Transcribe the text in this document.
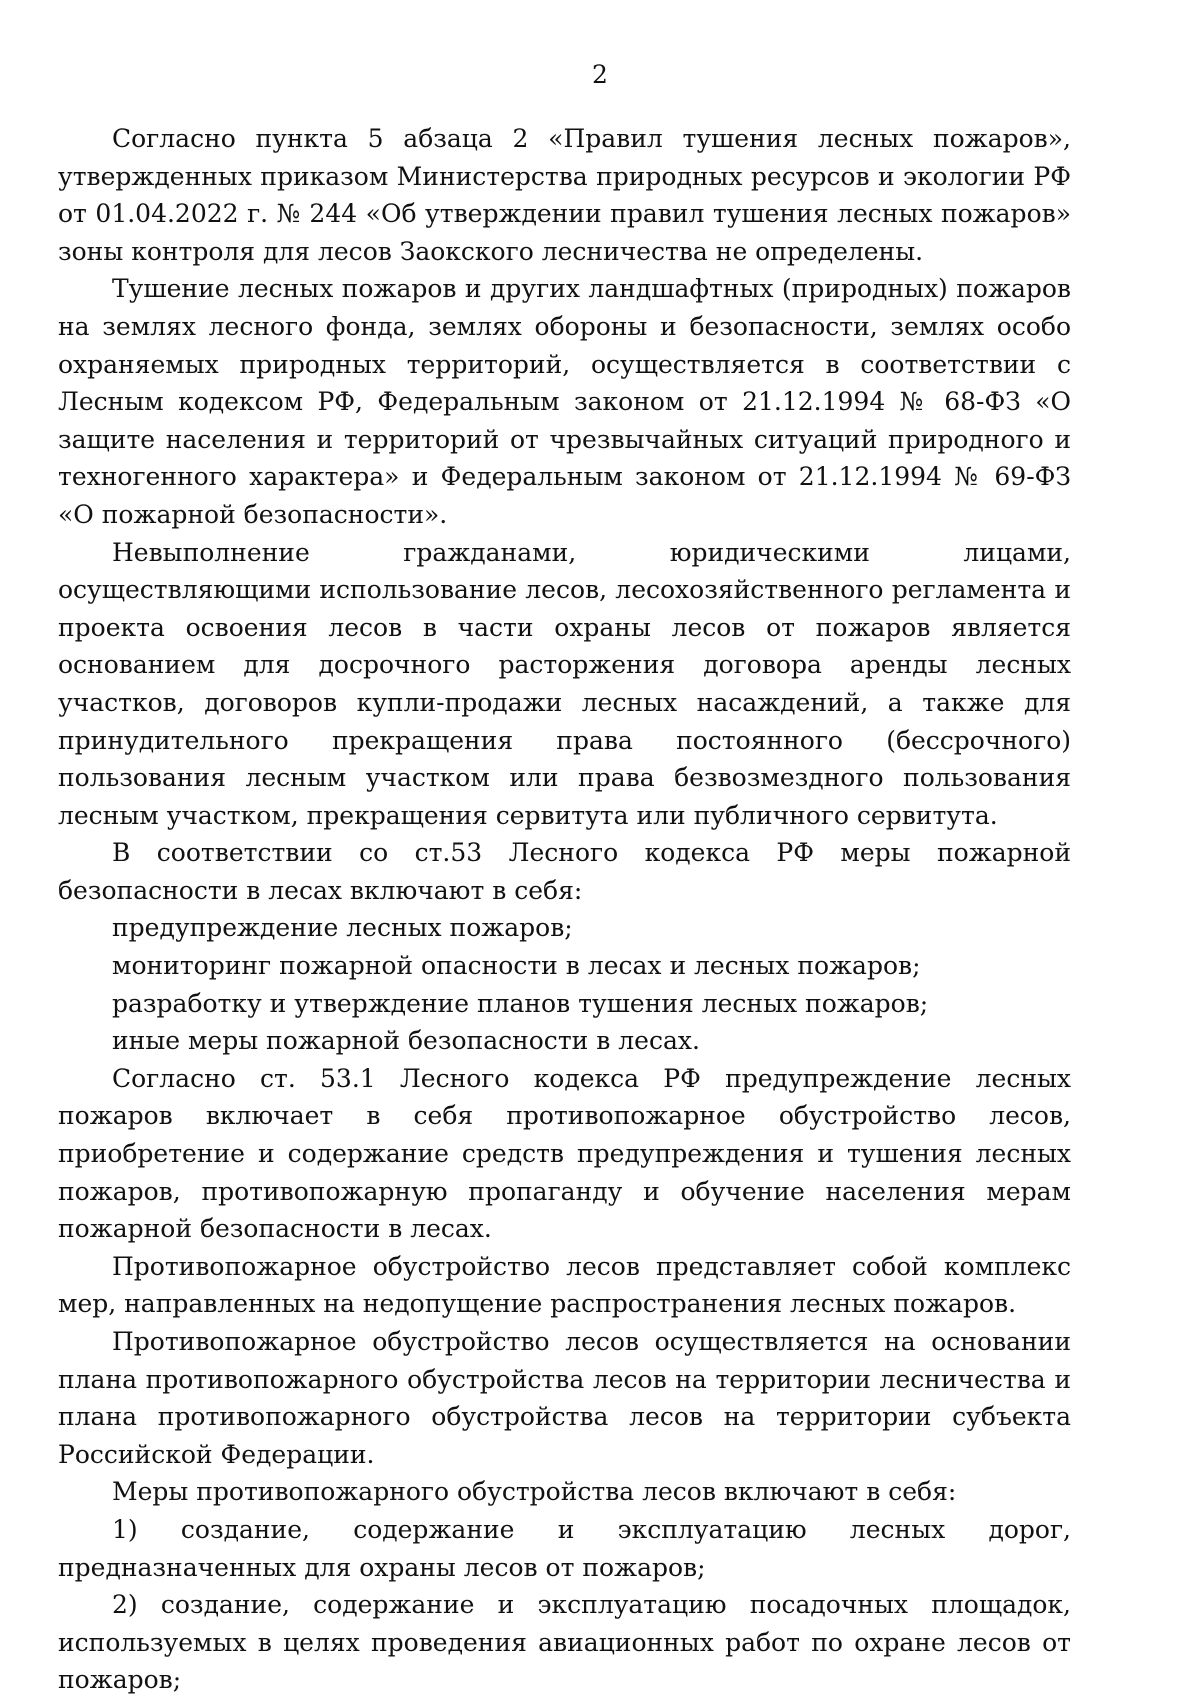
2

Согласно пункта 5 абзаца 2 «Правил тушения лесных пожаров», утвержденных приказом Министерства природных ресурсов и экологии РФ от 01.04.2022 г. № 244 «Об утверждении правил тушения лесных пожаров» зоны контроля для лесов Заокского лесничества не определены.

Тушение лесных пожаров и других ландшафтных (природных) пожаров на землях лесного фонда, землях обороны и безопасности, землях особо охраняемых природных территорий, осуществляется в соответствии с Лесным кодексом РФ, Федеральным законом от 21.12.1994 № 68-ФЗ «О защите населения и территорий от чрезвычайных ситуаций природного и техногенного характера» и Федеральным законом от 21.12.1994 № 69-ФЗ «О пожарной безопасности».

Невыполнение гражданами, юридическими лицами, осуществляющими использование лесов, лесохозяйственного регламента и проекта освоения лесов в части охраны лесов от пожаров является основанием для досрочного расторжения договора аренды лесных участков, договоров купли-продажи лесных насаждений, а также для принудительного прекращения права постоянного (бессрочного) пользования лесным участком или права безвозмездного пользования лесным участком, прекращения сервитута или публичного сервитута.

В соответствии со ст.53 Лесного кодекса РФ меры пожарной безопасности в лесах включают в себя:

предупреждение лесных пожаров;

мониторинг пожарной опасности в лесах и лесных пожаров;

разработку и утверждение планов тушения лесных пожаров;

иные меры пожарной безопасности в лесах.

Согласно ст. 53.1 Лесного кодекса РФ предупреждение лесных пожаров включает в себя противопожарное обустройство лесов, приобретение и содержание средств предупреждения и тушения лесных пожаров, противопожарную пропаганду и обучение населения мерам пожарной безопасности в лесах.

Противопожарное обустройство лесов представляет собой комплекс мер, направленных на недопущение распространения лесных пожаров.

Противопожарное обустройство лесов осуществляется на основании плана противопожарного обустройства лесов на территории лесничества и плана противопожарного обустройства лесов на территории субъекта Российской Федерации.

Меры противопожарного обустройства лесов включают в себя:

1) создание, содержание и эксплуатацию лесных дорог, предназначенных для охраны лесов от пожаров;

2) создание, содержание и эксплуатацию посадочных площадок, используемых в целях проведения авиационных работ по охране лесов от пожаров;
